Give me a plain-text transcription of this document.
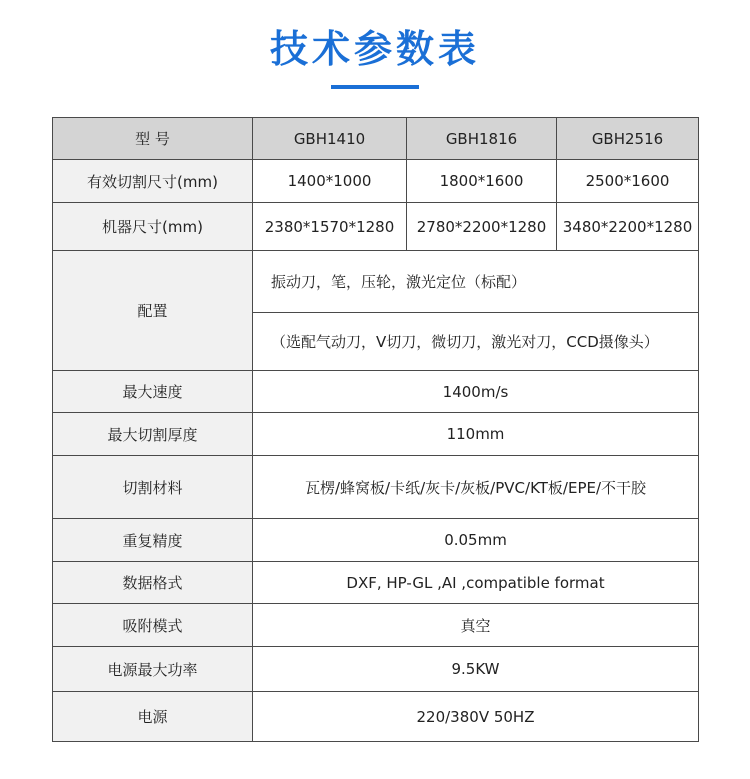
技术参数表
型 号	GBH1410	GBH1816	GBH2516
有效切割尺寸(mm)	1400*1000	1800*1600	2500*1600
机器尺寸(mm)	2380*1570*1280	2780*2200*1280	3480*2200*1280
配置	振动刀，笔，压轮，激光定位（标配）		
	（选配气动刀，V切刀，微切刀，激光对刀，CCD摄像头）		
最大速度	1400m/s		
最大切割厚度	110mm		
切割材料	瓦楞/蜂窝板/卡纸/灰卡/灰板/PVC/KT板/EPE/不干胶		
重复精度	0.05mm		
数据格式	DXF, HP-GL ,AI ,compatible format		
吸附模式	真空		
电源最大功率	9.5KW		
电源	220/380V 50HZ		
